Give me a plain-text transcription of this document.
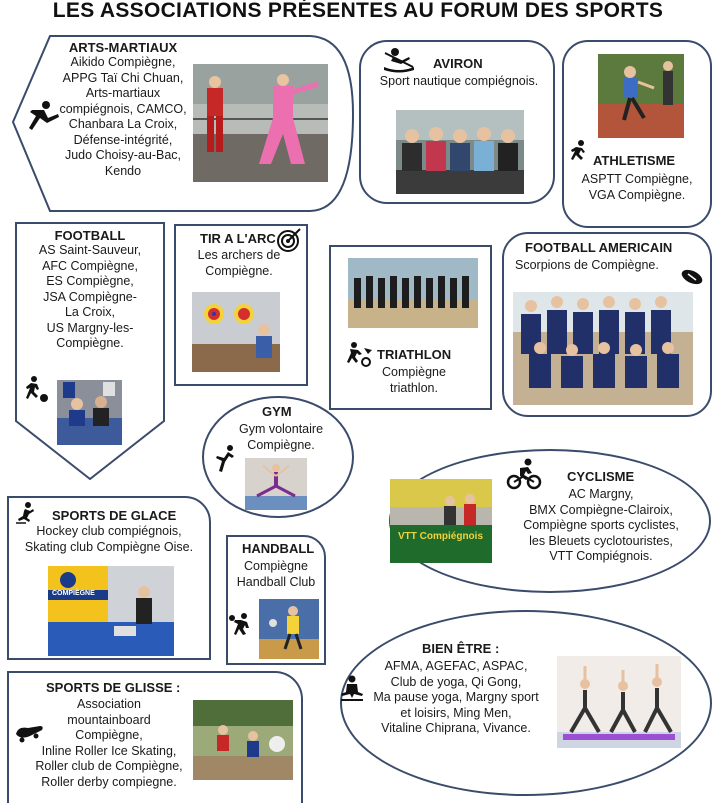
LES ASSOCIATIONS PRÉSENTES AU FORUM DES SPORTS
ARTS-MARTIAUX
Aikido Compiègne,
APPG Taï Chi Chuan,
Arts-martiaux
compiégnois, CAMCO,
Chanbara La Croix,
Défense-intégrité,
Judo Choisy-au-Bac,
Kendo
AVIRON
Sport nautique compiégnois.
ATHLETISME
ASPTT Compiègne,
VGA Compiègne.
FOOTBALL
AS Saint-Sauveur,
AFC Compiègne,
ES Compiègne,
JSA Compiègne-
La Croix,
US Margny-les-
Compiègne.
TIR A L'ARC
Les archers de
Compiègne.
TRIATHLON
Compiègne
triathlon.
FOOTBALL AMERICAIN
Scorpions de Compiègne.
GYM
Gym volontaire
Compiègne.
VTT Compiégnois
CYCLISME
AC Margny,
BMX Compiègne-Clairoix,
Compiègne sports cyclistes,
les Bleuets cyclotouristes,
VTT Compiégnois.
SPORTS DE GLACE
Hockey club compiégnois,
Skating club Compiègne Oise.
COMPIÈGNE
HANDBALL
Compiègne
Handball Club
BIEN ÊTRE :
AFMA, AGEFAC, ASPAC,
Club de yoga, Qi Gong,
Ma pause yoga, Margny sport
et loisirs, Ming Men,
Vitaline Chiprana, Vivance.
SPORTS DE GLISSE :
Association
mountainboard
Compiègne,
Inline Roller Ice Skating,
Roller club de Compiègne,
Roller derby compiegne.
